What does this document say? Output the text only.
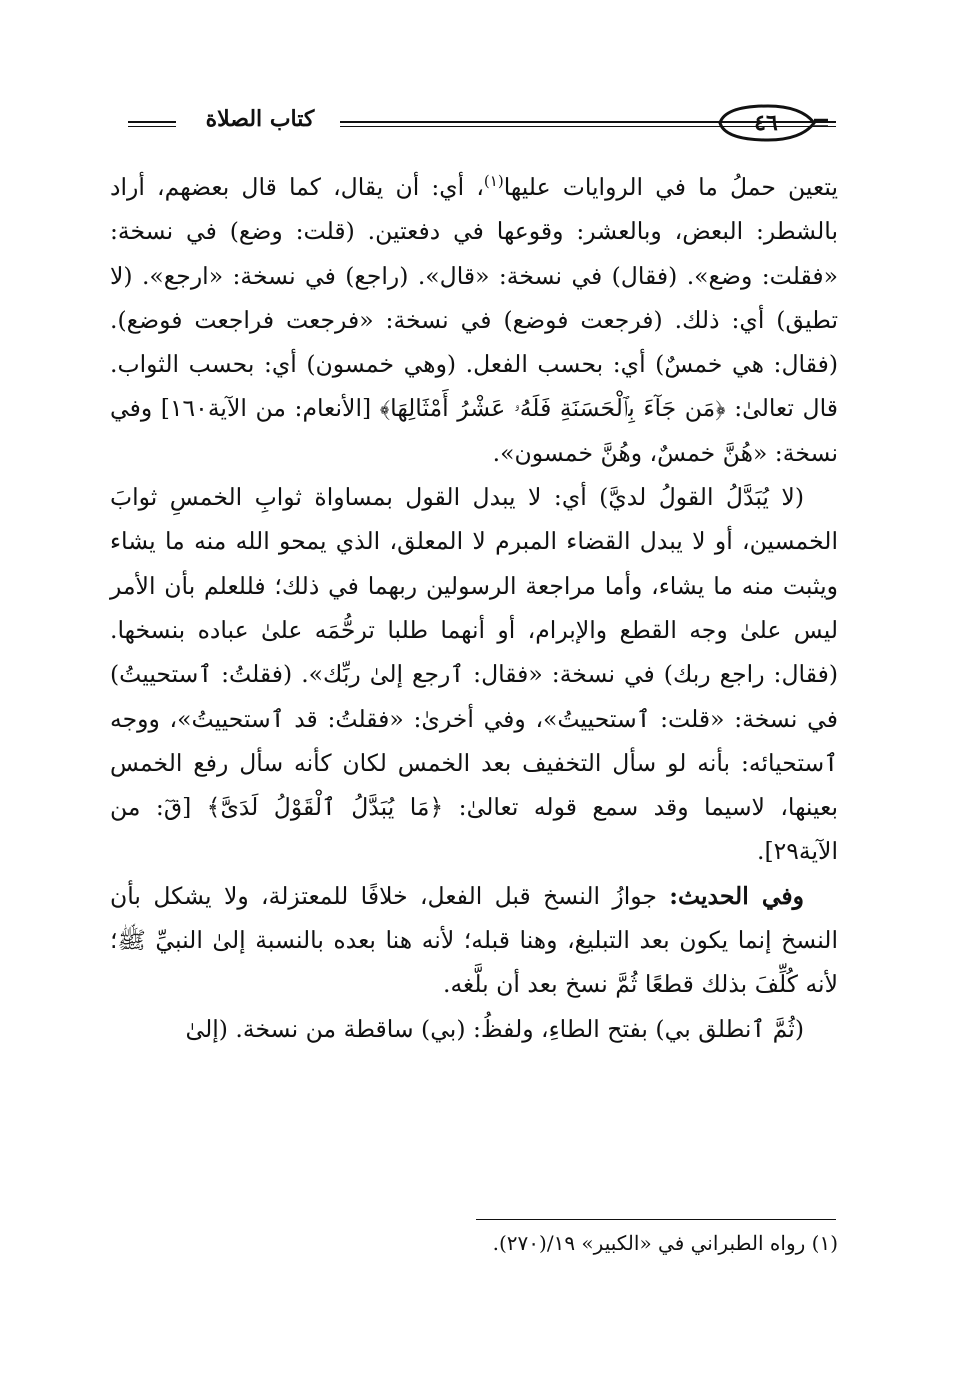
كتاب الصلاة	٤٦

يتعين حملُ ما في الروايات عليها$^{(١)}$، أي: أن يقال، كما قال بعضهم، أراد بالشطر: البعض، وبالعشر: وقوعها في دفعتين. (قلت: وضع) في نسخة: «فقلت: وضع». (فقال) في نسخة: «قال». (راجع) في نسخة: «ارجع». (لا تطيق) أي: ذلك. (فرجعت فوضع) في نسخة: «فرجعت فراجعت فوضع). (فقال: هي خمسٌ) أي: بحسب الفعل. (وهي خمسون) أي: بحسب الثواب. قال تعالىٰ: ﴿مَن جَآءَ بِٱلْحَسَنَةِ فَلَهُۥ عَشْرُ أَمْثَالِهَا﴾ [الأنعام: من الآية١٦٠] وفي نسخة: «هُنَّ خمسٌ، وهُنَّ خمسون».

(لا يُبَدَّلُ القولُ لديَّ) أي: لا يبدل القول بمساواة ثوابِ الخمسِ ثوابَ الخمسين، أو لا يبدل القضاء المبرم لا المعلق، الذي يمحو الله منه ما يشاء ويثبت منه ما يشاء، وأما مراجعة الرسولين ربهما في ذلك؛ فللعلم بأن الأمر ليس علىٰ وجه القطع والإبرام، أو أنهما طلبا ترحُّمَه علىٰ عباده بنسخها. (فقال: راجع ربك) في نسخة: «فقال: ٱرجع إلىٰ ربِّك». (فقلتُ: ٱستحييتُ) في نسخة: «قلت: ٱستحييتُ»، وفي أخرىٰ: «فقلتُ: قد ٱستحييتُ»، ووجه ٱستحيائه: بأنه لو سأل التخفيف بعد الخمس لكان كأنه سأل رفع الخمس بعينها، لاسيما وقد سمع قوله تعالىٰ: ﴿مَا يُبَدَّلُ ٱلْقَوْلُ لَدَىَّ﴾ [قٓ: من الآية٢٩].

وفي الحديث: جوازُ النسخ قبل الفعل، خلافًا للمعتزلة، ولا يشكل بأن النسخ إنما يكون بعد التبليغ، وهنا قبله؛ لأنه هنا بعده بالنسبة إلىٰ النبيِّ ﷺ؛ لأنه كُلِّفَ بذلك قطعًا ثُمَّ نسخ بعد أن بلَّغه.

(ثُمَّ ٱنطلق بي) بفتح الطاءِ، ولفظُ: (بي) ساقطة من نسخة. (إلىٰ

(١) رواه الطبراني في «الكبير» ١٩/(٢٧٠).
